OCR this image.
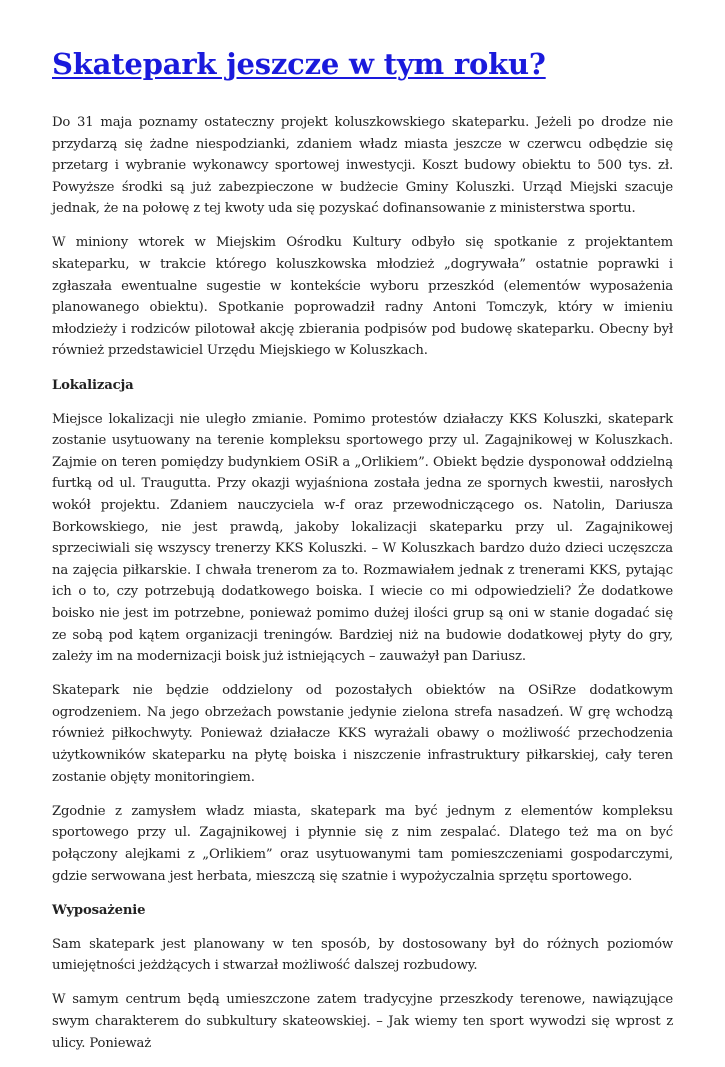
Skatepark jeszcze w tym roku?

Do 31 maja poznamy ostateczny projekt koluszkowskiego skateparku. Jeżeli po drodze nie przydarzą się żadne niespodzianki, zdaniem władz miasta jeszcze w czerwcu odbędzie się przetarg i wybranie wykonawcy sportowej inwestycji. Koszt budowy obiektu to 500 tys. zł. Powyższe środki są już zabezpieczone w budżecie Gminy Koluszki. Urząd Miejski szacuje jednak, że na połowę z tej kwoty uda się pozyskać dofinansowanie z ministerstwa sportu.

W miniony wtorek w Miejskim Ośrodku Kultury odbyło się spotkanie z projektantem skateparku, w trakcie którego koluszkowska młodzież „dogrywała” ostatnie poprawki i zgłaszała ewentualne sugestie w kontekście wyboru przeszkód (elementów wyposażenia planowanego obiektu). Spotkanie poprowadził radny Antoni Tomczyk, który w imieniu młodzieży i rodziców pilotował akcję zbierania podpisów pod budowę skateparku. Obecny był również przedstawiciel Urzędu Miejskiego w Koluszkach.

Lokalizacja

Miejsce lokalizacji nie uległo zmianie. Pomimo protestów działaczy KKS Koluszki, skatepark zostanie usytuowany na terenie kompleksu sportowego przy ul. Zagajnikowej w Koluszkach. Zajmie on teren pomiędzy budynkiem OSiR a „Orlikiem”. Obiekt będzie dysponował oddzielną furtką od ul. Traugutta. Przy okazji wyjaśniona została jedna ze spornych kwestii, narosłych wokół projektu. Zdaniem nauczyciela w-f oraz przewodniczącego os. Natolin, Dariusza Borkowskiego, nie jest prawdą, jakoby lokalizacji skateparku przy ul. Zagajnikowej sprzeciwiali się wszyscy trenerzy KKS Koluszki. – W Koluszkach bardzo dużo dzieci uczęszcza na zajęcia piłkarskie. I chwała trenerom za to. Rozmawiałem jednak z trenerami KKS, pytając ich o to, czy potrzebują dodatkowego boiska. I wiecie co mi odpowiedzieli? Że dodatkowe boisko nie jest im potrzebne, ponieważ pomimo dużej ilości grup są oni w stanie dogadać się ze sobą pod kątem organizacji treningów. Bardziej niż na budowie dodatkowej płyty do gry, zależy im na modernizacji boisk już istniejących – zauważył pan Dariusz.

Skatepark nie będzie oddzielony od pozostałych obiektów na OSiRze dodatkowym ogrodzeniem. Na jego obrzeżach powstanie jedynie zielona strefa nasadzeń. W grę wchodzą również piłkochwyty. Ponieważ działacze KKS wyrażali obawy o możliwość przechodzenia użytkowników skateparku na płytę boiska i niszczenie infrastruktury piłkarskiej, cały teren zostanie objęty monitoringiem.

Zgodnie z zamysłem władz miasta, skatepark ma być jednym z elementów kompleksu sportowego przy ul. Zagajnikowej i płynnie się z nim zespalać. Dlatego też ma on być połączony alejkami z „Orlikiem” oraz usytuowanymi tam pomieszczeniami gospodarczymi, gdzie serwowana jest herbata, mieszczą się szatnie i wypożyczalnia sprzętu sportowego.

Wyposażenie

Sam skatepark jest planowany w ten sposób, by dostosowany był do różnych poziomów umiejętności jeżdżących i stwarzał możliwość dalszej rozbudowy.

W samym centrum będą umieszczone zatem tradycyjne przeszkody terenowe, nawiązujące swym charakterem do subkultury skateowskiej. – Jak wiemy ten sport wywodzi się wprost z ulicy. Ponieważ
